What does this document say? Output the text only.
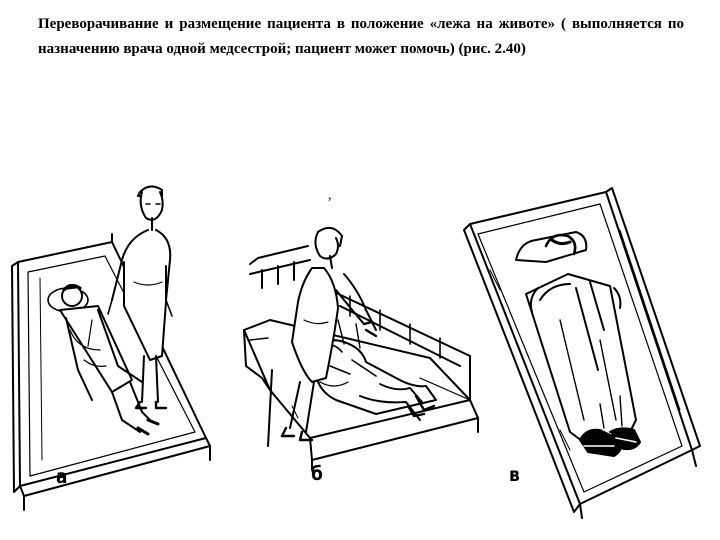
Переворачивание и размещение пациента в положение «лежа на животе» ( выполняется по назначению врача одной медсестрой; пациент может помочь) (рис. 2.40)
а	б	в
,
